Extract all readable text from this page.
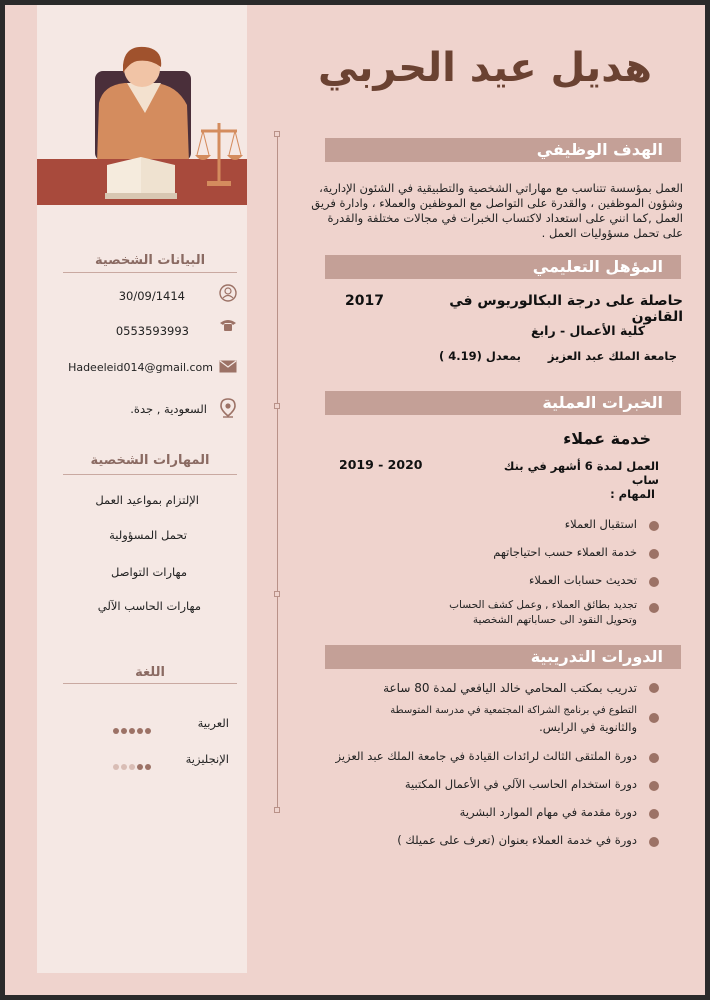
هديل عيد الحربي
الهدف الوظيفي
العمل بمؤسسة تتناسب مع مهاراتي الشخصية والتطبيقية في الشئون الإدارية، وشؤون الموظفين ، والقدرة على التواصل مع الموظفين والعملاء ، وادارة فريق العمل ,كما انني على استعداد لاكتساب الخبرات في مجالات مختلفة والقدرة على تحمل مسؤوليات العمل .
المؤهل التعليمي
حاصلة على درجة البكالوريوس في القانون
2017
كلية الأعمال - رابغ
جامعة الملك عبد العزيز
بمعدل (4.19 )
الخبرات العملية
خدمة عملاء
العمل لمدة 6 أشهر في بنك ساب
2019 - 2020
المهام :
استقبال العملاء
خدمة العملاء حسب احتياجاتهم
تحديث حسابات العملاء
تجديد بطائق العملاء , وعمل كشف الحساب
وتحويل النقود الى حساباتهم الشخصية
الدورات التدريبية
تدريب بمكتب المحامي خالد اليافعي لمدة 80 ساعة
التطوع في برنامج الشراكة المجتمعية في مدرسة المتوسطة
والثانوية في الرايس.
دورة الملتقى الثالث لرائدات القيادة في جامعة الملك عبد العزيز
دورة استخدام الحاسب الآلي في الأعمال المكتبية
دورة مقدمة في مهام الموارد البشرية
دورة في خدمة العملاء بعنوان (تعرف على عميلك )
البيانات الشخصية
30/09/1414
0553593993
Hadeeleid014@gmail.com
السعودية , جدة.
المهارات الشخصية
الإلتزام بمواعيد العمل
تحمل المسؤولية
مهارات التواصل
مهارات الحاسب الآلي
اللغة
العربية
الإنجليزية
